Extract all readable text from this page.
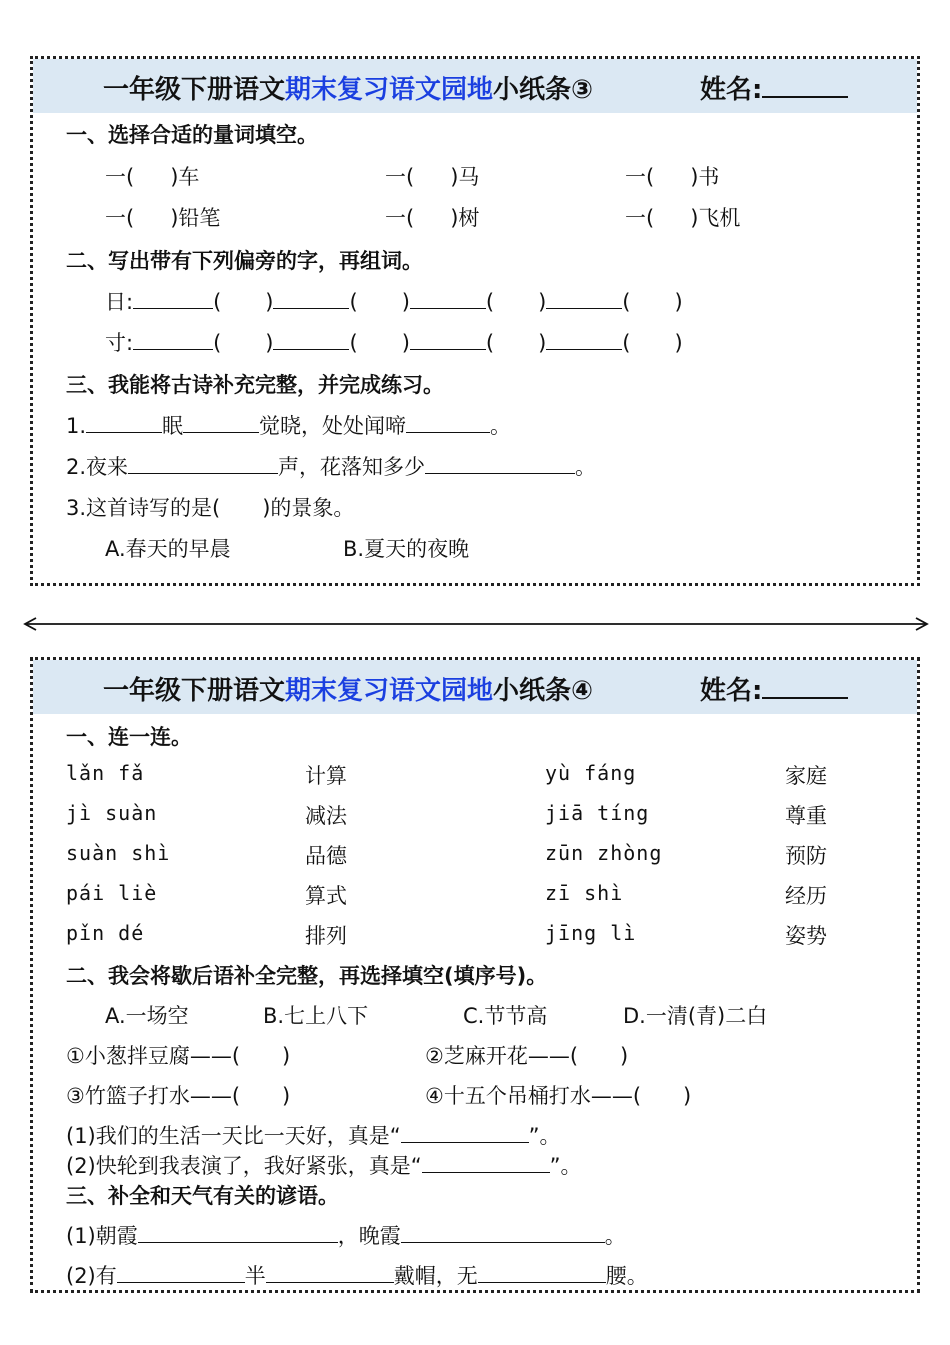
一年级下册语文期末复习语文园地小纸条③	姓名:
一、选择合适的量词填空。
一( )车	一( )马	一( )书
一( )铅笔	一( )树	一( )飞机
二、写出带有下列偏旁的字，再组词。
日:	( )	( )	( )	( )
寸:	( )	( )	( )	( )
三、我能将古诗补充完整，并完成练习。
1.	眠	觉晓，处处闻啼	。
2.夜来	声，花落知多少	。
3.这首诗写的是(　　)的景象。
A.春天的早晨	B.夏天的夜晚
一年级下册语文期末复习语文园地小纸条④	姓名:
一、连一连。
lǎn fǎ	计算	yù fáng	家庭
jì suàn	减法	jiā tíng	尊重
suàn shì	品德	zūn zhòng	预防
pái liè	算式	zī shì	经历
pǐn dé	排列	jīng lì	姿势
二、我会将歇后语补全完整，再选择填空(填序号)。
A.一场空	B.七上八下	C.节节高	D.一清(青)二白
①小葱拌豆腐——(　　)	②芝麻开花——(　　)
③竹篮子打水——(　　)	④十五个吊桶打水——(　　)
(1)我们的生活一天比一天好，真是“	”。
(2)快轮到我表演了，我好紧张，真是“	”。
三、补全和天气有关的谚语。
(1)朝霞	，晚霞	。
(2)有	半	戴帽，无	腰。
